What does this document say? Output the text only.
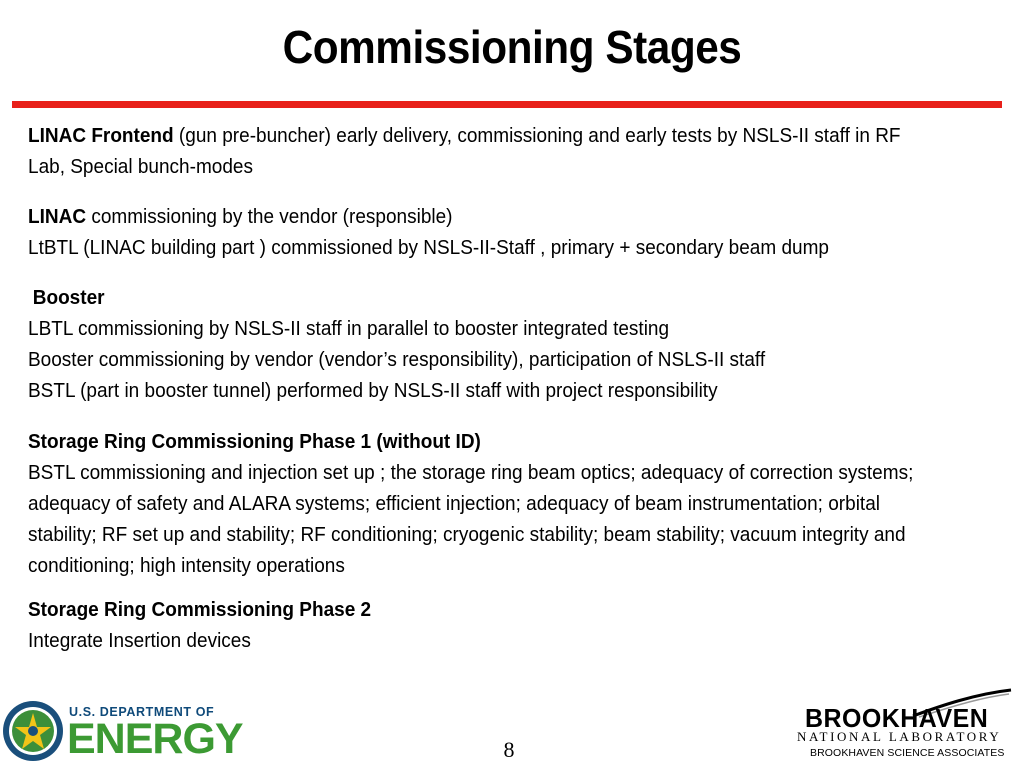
Commissioning Stages

LINAC Frontend (gun pre-buncher) early delivery, commissioning and early tests by NSLS-II staff in RF Lab, Special bunch-modes

LINAC commissioning by the vendor (responsible)

LtBTL (LINAC building part ) commissioned by NSLS-II-Staff , primary + secondary beam dump

Booster

LBTL commissioning by NSLS-II staff in parallel to booster integrated testing

Booster commissioning by vendor (vendor’s responsibility), participation of NSLS-II staff

BSTL (part in booster tunnel) performed by NSLS-II staff with project responsibility

Storage Ring Commissioning Phase 1 (without ID)

BSTL commissioning and injection set up ; the storage ring beam optics; adequacy of correction systems; adequacy of safety and ALARA systems; efficient injection; adequacy of beam instrumentation; orbital stability; RF set up and stability; RF conditioning; cryogenic stability; beam stability; vacuum integrity and conditioning; high intensity operations

Storage Ring Commissioning Phase 2

Integrate Insertion devices

U.S. DEPARTMENT OF
ENERGY	8
BROOKHAVEN
NATIONAL LABORATORY
BROOKHAVEN SCIENCE ASSOCIATES
